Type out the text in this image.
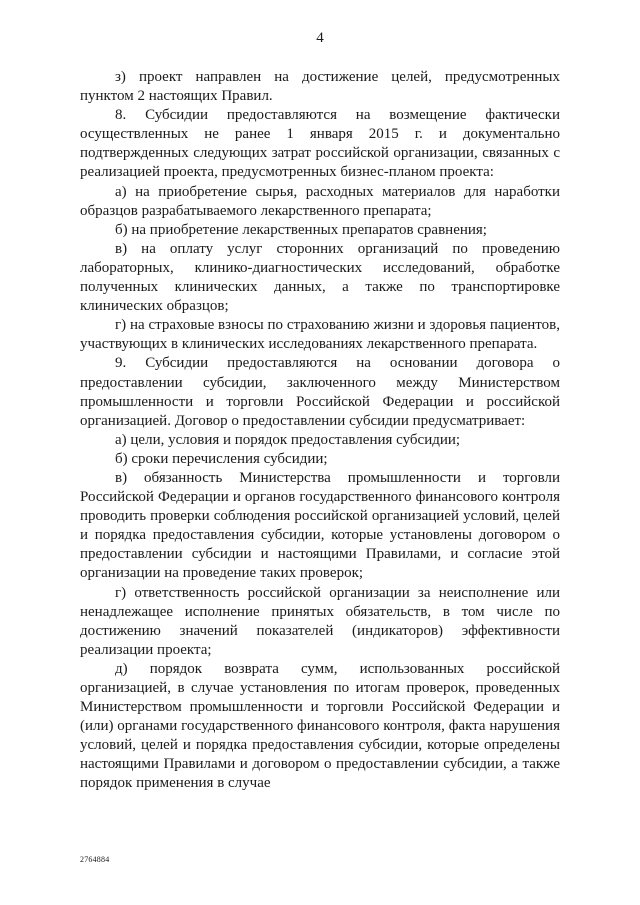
4

з) проект направлен на достижение целей, предусмотренных пунктом 2 настоящих Правил.

8. Субсидии предоставляются на возмещение фактически осуществленных не ранее 1 января 2015 г. и документально подтвержденных следующих затрат российской организации, связанных с реализацией проекта, предусмотренных бизнес-планом проекта:

а) на приобретение сырья, расходных материалов для наработки образцов разрабатываемого лекарственного препарата;

б) на приобретение лекарственных препаратов сравнения;

в) на оплату услуг сторонних организаций по проведению лабораторных, клинико-диагностических исследований, обработке полученных клинических данных, а также по транспортировке клинических образцов;

г) на страховые взносы по страхованию жизни и здоровья пациентов, участвующих в клинических исследованиях лекарственного препарата.

9. Субсидии предоставляются на основании договора о предоставлении субсидии, заключенного между Министерством промышленности и торговли Российской Федерации и российской организацией. Договор о предоставлении субсидии предусматривает:

а) цели, условия и порядок предоставления субсидии;

б) сроки перечисления субсидии;

в) обязанность Министерства промышленности и торговли Российской Федерации и органов государственного финансового контроля проводить проверки соблюдения российской организацией условий, целей и порядка предоставления субсидии, которые установлены договором о предоставлении субсидии и настоящими Правилами, и согласие этой организации на проведение таких проверок;

г) ответственность российской организации за неисполнение или ненадлежащее исполнение принятых обязательств, в том числе по достижению значений показателей (индикаторов) эффективности реализации проекта;

д) порядок возврата сумм, использованных российской организацией, в случае установления по итогам проверок, проведенных Министерством промышленности и торговли Российской Федерации и (или) органами государственного финансового контроля, факта нарушения условий, целей и порядка предоставления субсидии, которые определены настоящими Правилами и договором о предоставлении субсидии, а также порядок применения в случае

2764884
